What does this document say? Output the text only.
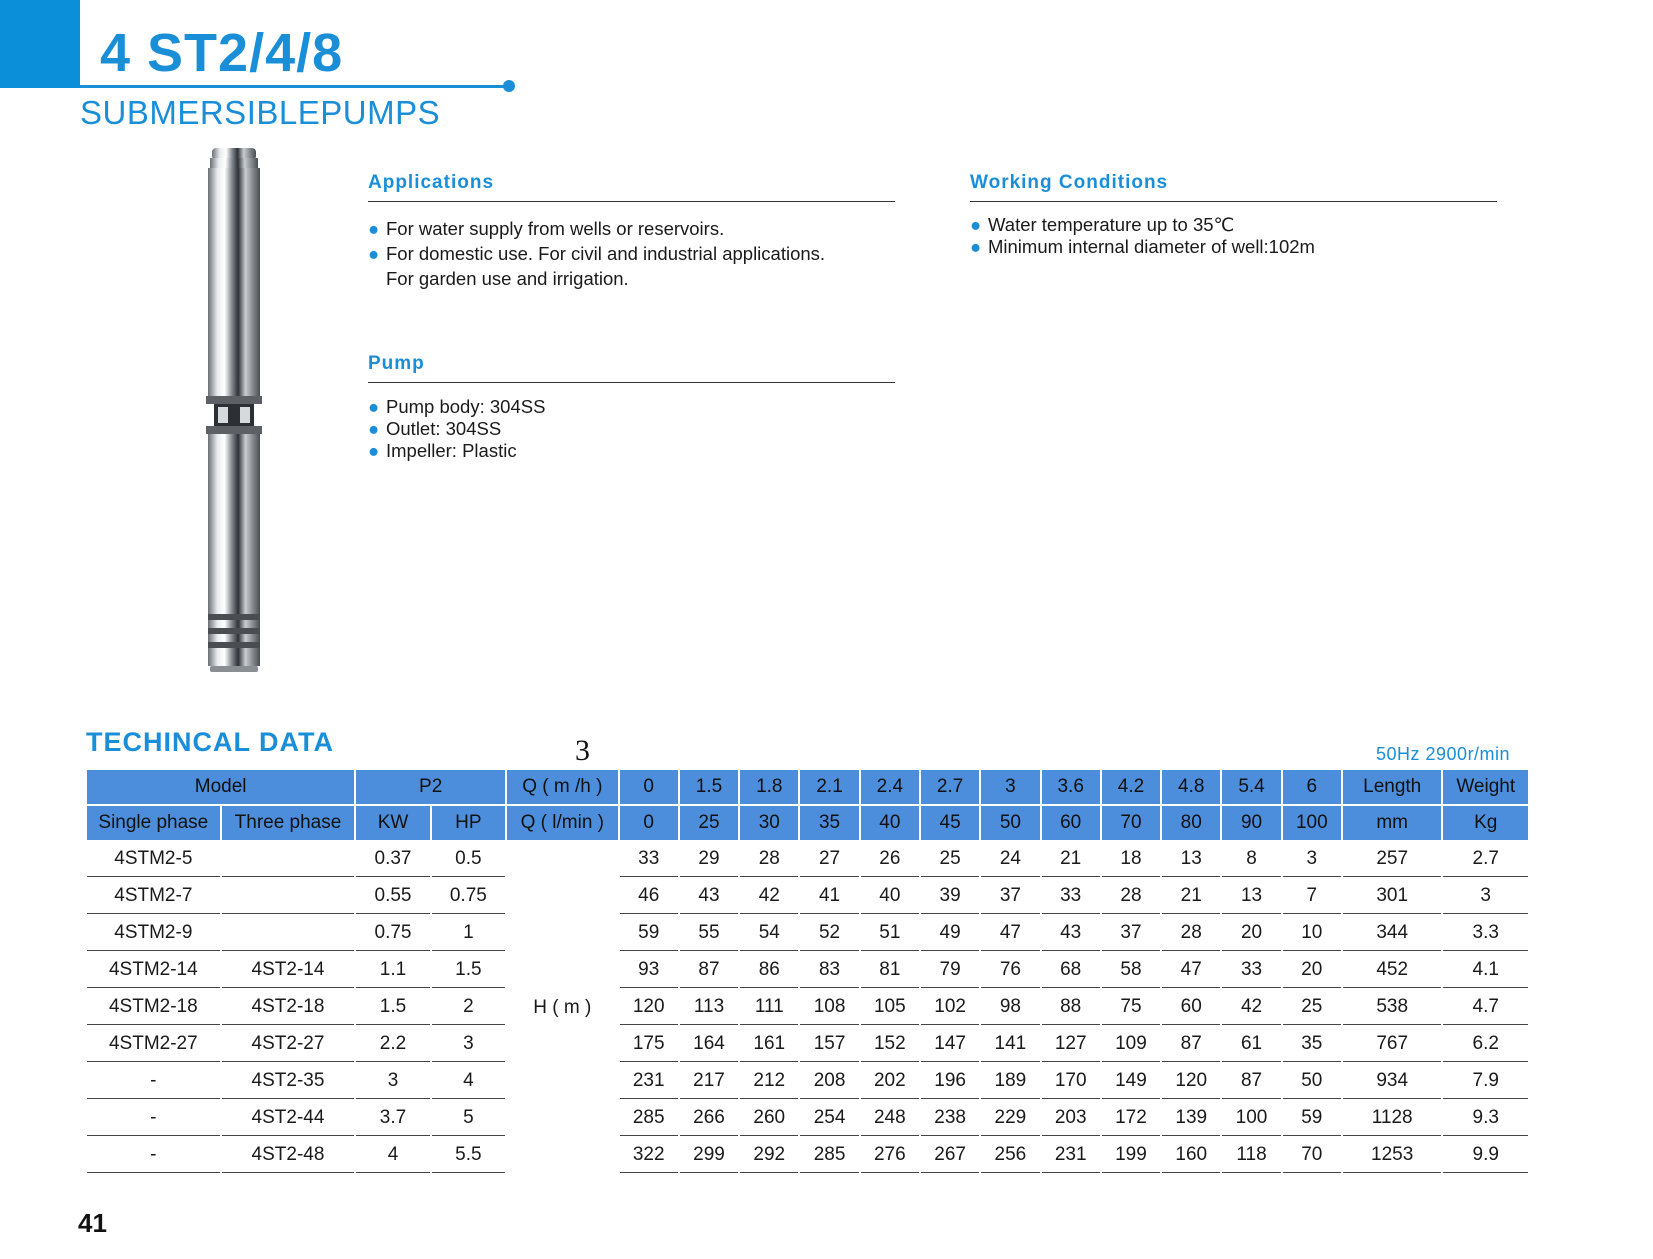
4 ST2/4/8
SUBMERSIBLEPUMPS
Applications
● For water supply from wells or reservoirs.
● For domestic use. For civil and industrial applications.
For garden use and irrigation.
Working Conditions
● Water temperature up to 35℃
● Minimum internal diameter of well:102m
Pump
● Pump body: 304SS
● Outlet: 304SS
● Impeller: Plastic
TECHINCAL DATA	3	50Hz 2900r/min
Model		P2		Q ( m /h )	0	1.5	1.8	2.1	2.4	2.7	3	3.6	4.2	4.8	5.4	6	Length	Weight
Single phase	Three phase	KW	HP	Q ( l/min )	0	25	30	35	40	45	50	60	70	80	90	100	mm	Kg
4STM2-5		0.37	0.5	H ( m )	33	29	28	27	26	25	24	21	18	13	8	3	257	2.7
4STM2-7		0.55	0.75		46	43	42	41	40	39	37	33	28	21	13	7	301	3
4STM2-9		0.75	1		59	55	54	52	51	49	47	43	37	28	20	10	344	3.3
4STM2-14	4ST2-14	1.1	1.5		93	87	86	83	81	79	76	68	58	47	33	20	452	4.1
4STM2-18	4ST2-18	1.5	2		120	113	111	108	105	102	98	88	75	60	42	25	538	4.7
4STM2-27	4ST2-27	2.2	3		175	164	161	157	152	147	141	127	109	87	61	35	767	6.2
-	4ST2-35	3	4		231	217	212	208	202	196	189	170	149	120	87	50	934	7.9
-	4ST2-44	3.7	5		285	266	260	254	248	238	229	203	172	139	100	59	1128	9.3
-	4ST2-48	4	5.5		322	299	292	285	276	267	256	231	199	160	118	70	1253	9.9
41
